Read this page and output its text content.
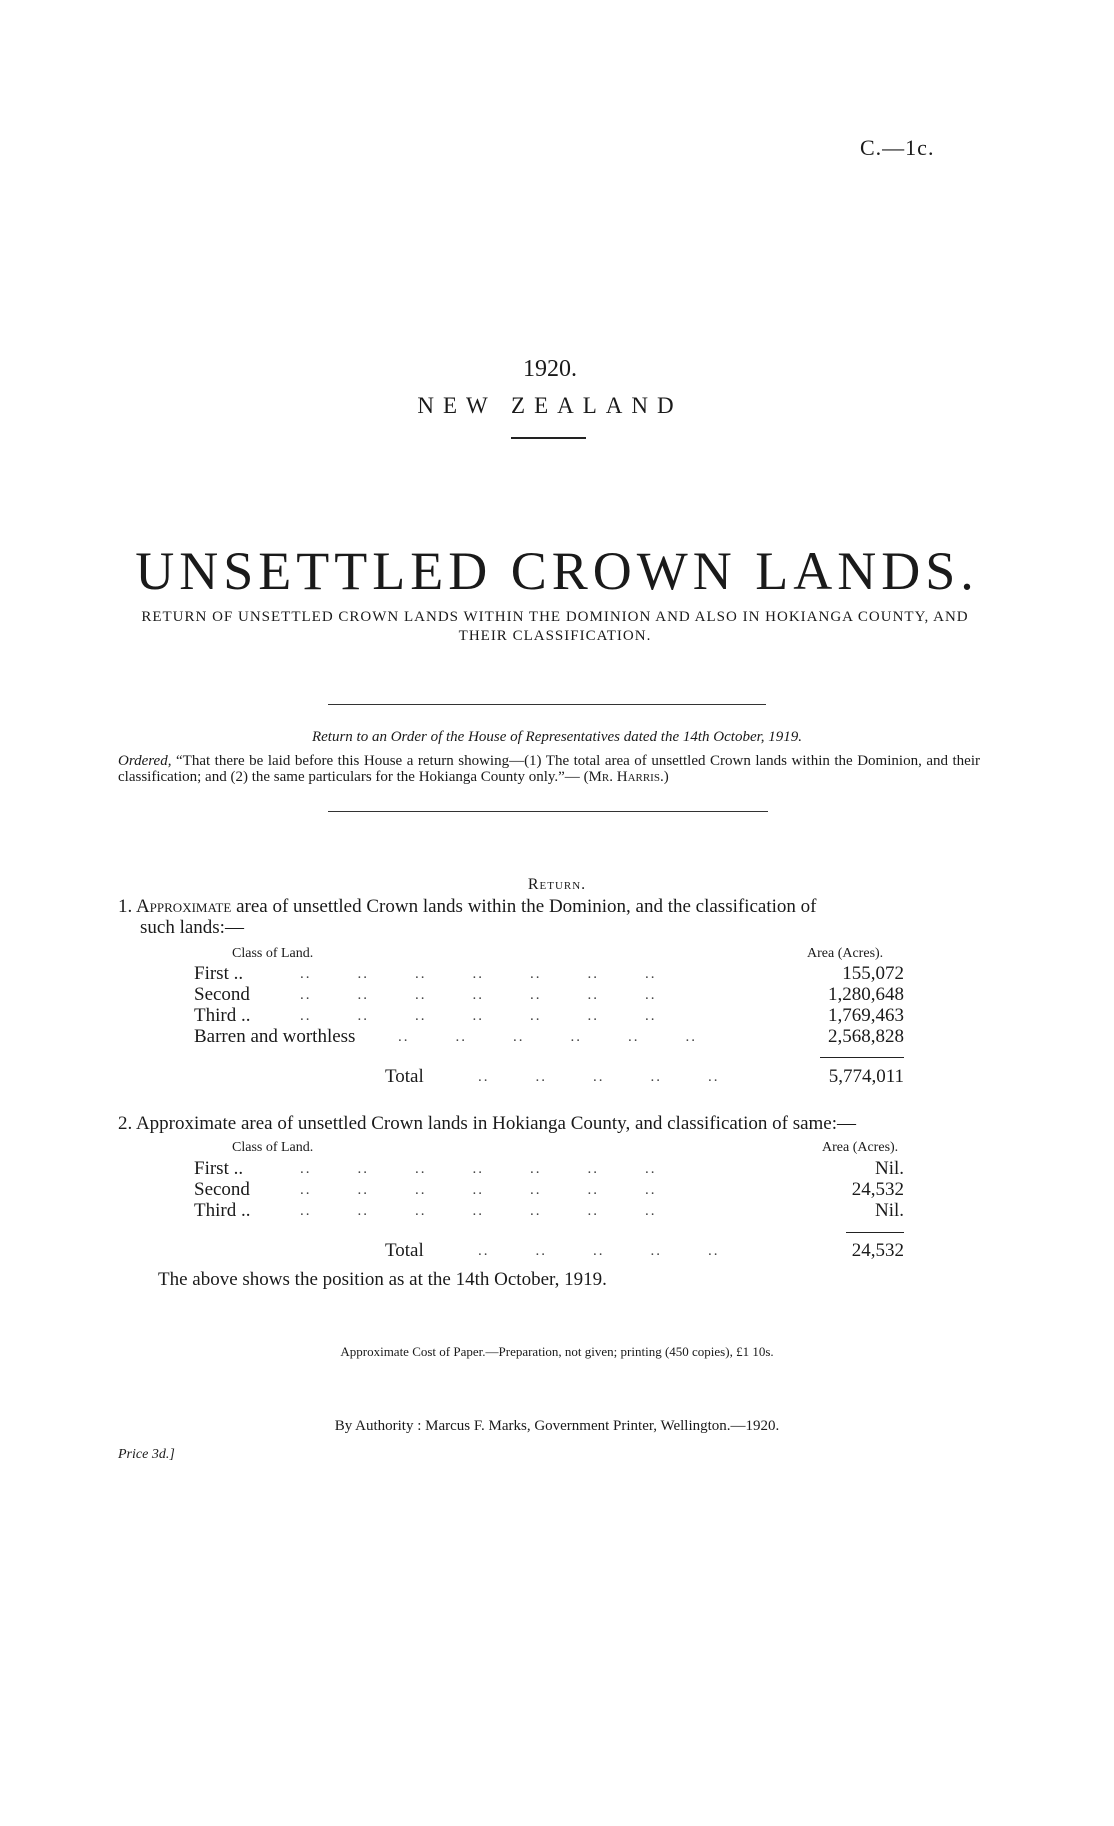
C.—1c.
1920.
NEW ZEALAND
UNSETTLED CROWN LANDS.
RETURN OF UNSETTLED CROWN LANDS WITHIN THE DOMINION AND ALSO IN HOKIANGA COUNTY, AND THEIR CLASSIFICATION.
Return to an Order of the House of Representatives dated the 14th October, 1919.
Ordered, “That there be laid before this House a return showing—(1) The total area of unsettled Crown lands within the Dominion, and their classification; and (2) the same particulars for the Hokianga County only.”— (Mr. Harris.)
Return.
1. Approximate area of unsettled Crown lands within the Dominion, and the classification of
such lands:—
Class of Land.	Area (Acres).
First ..	..        ..        ..        ..        ..        ..        ..	155,072
Second	..        ..        ..        ..        ..        ..        ..	1,280,648
Third ..	..        ..        ..        ..        ..        ..        ..	1,769,463
Barren and worthless	..        ..        ..        ..        ..        ..	2,568,828
Total	..        ..        ..        ..        ..	5,774,011
2. Approximate area of unsettled Crown lands in Hokianga County, and classification of same:—
Class of Land.	Area (Acres).
First ..	..        ..        ..        ..        ..        ..        ..	Nil.
Second	..        ..        ..        ..        ..        ..        ..	24,532
Third ..	..        ..        ..        ..        ..        ..        ..	Nil.
Total	..        ..        ..        ..        ..	24,532
The above shows the position as at the 14th October, 1919.
Approximate Cost of Paper.—Preparation, not given; printing (450 copies), £1 10s.
By Authority : Marcus F. Marks, Government Printer, Wellington.—1920.
Price 3d.]
